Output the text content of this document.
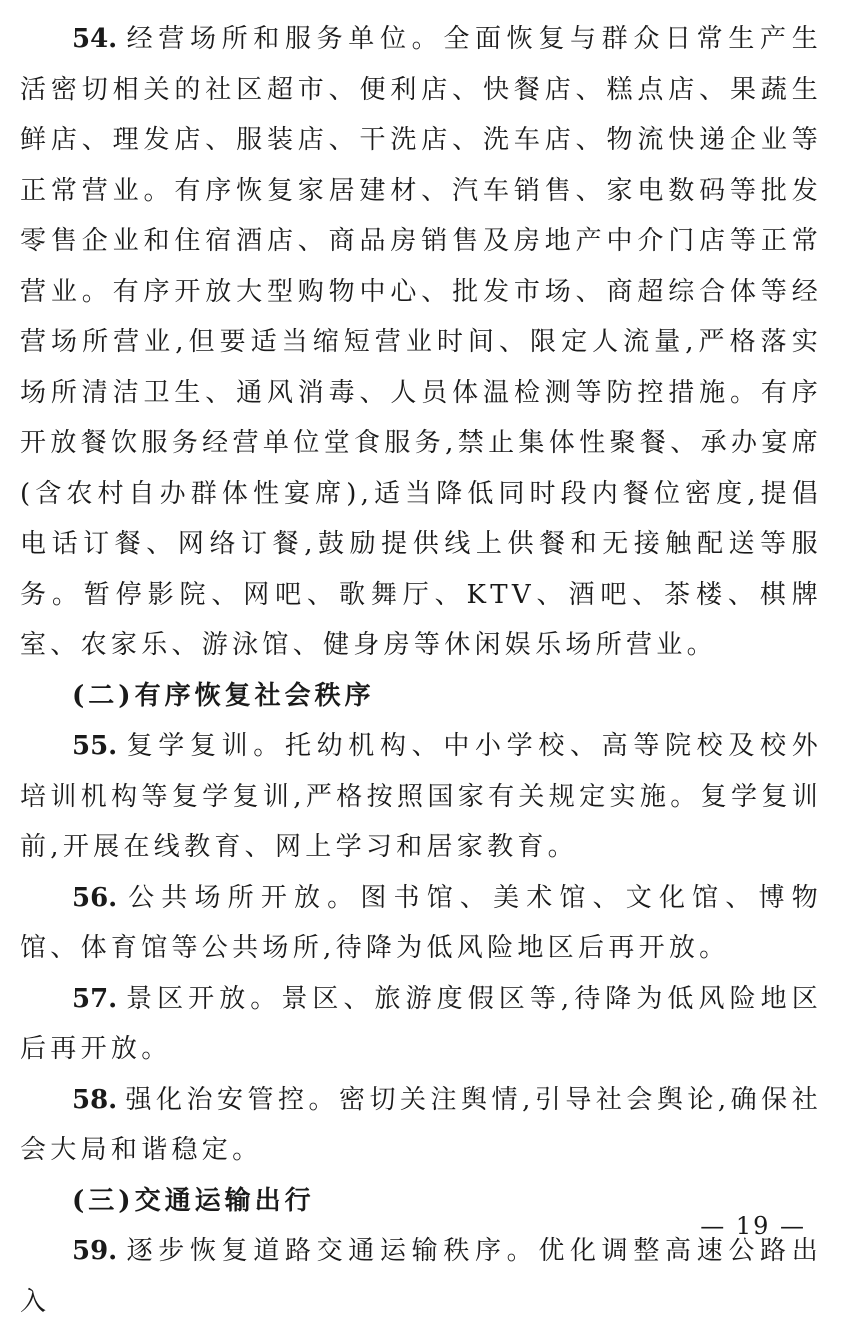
54. 经营场所和服务单位。全面恢复与群众日常生产生活密切相关的社区超市、便利店、快餐店、糕点店、果蔬生鲜店、理发店、服装店、干洗店、洗车店、物流快递企业等正常营业。有序恢复家居建材、汽车销售、家电数码等批发零售企业和住宿酒店、商品房销售及房地产中介门店等正常营业。有序开放大型购物中心、批发市场、商超综合体等经营场所营业,但要适当缩短营业时间、限定人流量,严格落实场所清洁卫生、通风消毒、人员体温检测等防控措施。有序开放餐饮服务经营单位堂食服务,禁止集体性聚餐、承办宴席(含农村自办群体性宴席),适当降低同时段内餐位密度,提倡电话订餐、网络订餐,鼓励提供线上供餐和无接触配送等服务。暂停影院、网吧、歌舞厅、KTV、酒吧、茶楼、棋牌室、农家乐、游泳馆、健身房等休闲娱乐场所营业。

(二)有序恢复社会秩序

55. 复学复训。托幼机构、中小学校、高等院校及校外培训机构等复学复训,严格按照国家有关规定实施。复学复训前,开展在线教育、网上学习和居家教育。

56. 公共场所开放。图书馆、美术馆、文化馆、博物馆、体育馆等公共场所,待降为低风险地区后再开放。

57. 景区开放。景区、旅游度假区等,待降为低风险地区后再开放。

58. 强化治安管控。密切关注舆情,引导社会舆论,确保社会大局和谐稳定。

(三)交通运输出行

59. 逐步恢复道路交通运输秩序。优化调整高速公路出入

— 19 —
